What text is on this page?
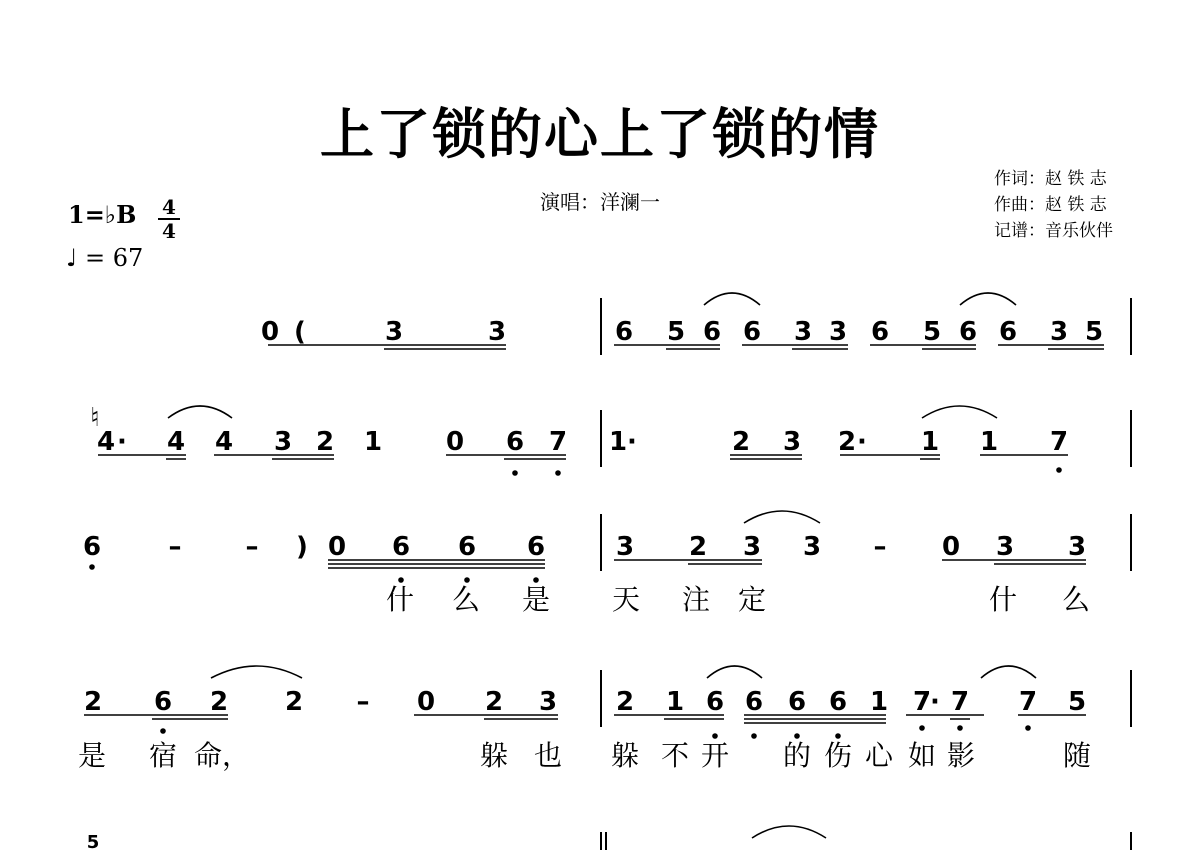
上了锁的心上了锁的情
演唱：洋澜一
作词：赵 铁 志
作曲：赵 铁 志
记谱：音乐伙伴
1=♭B 4
4
♩ = 67
0 (	3	3	6 5 6 6 3 3 6 5 6 6 3 5
♮
4 · 4 4 3 2 1 0 6 7 1 ·	2 3 2 · 1 1 7
6	– – ) 0 6 6 6	3 2 3 3 – 0 3 3
什 么 是 天 注 定	什 么
2 6 2 2 – 0 2 3 2 1 6 6 6 6 1 7 · 7 7 5
是 宿 命，	躲 也 躲 不 开 的 伤 心 如 影	随
5
